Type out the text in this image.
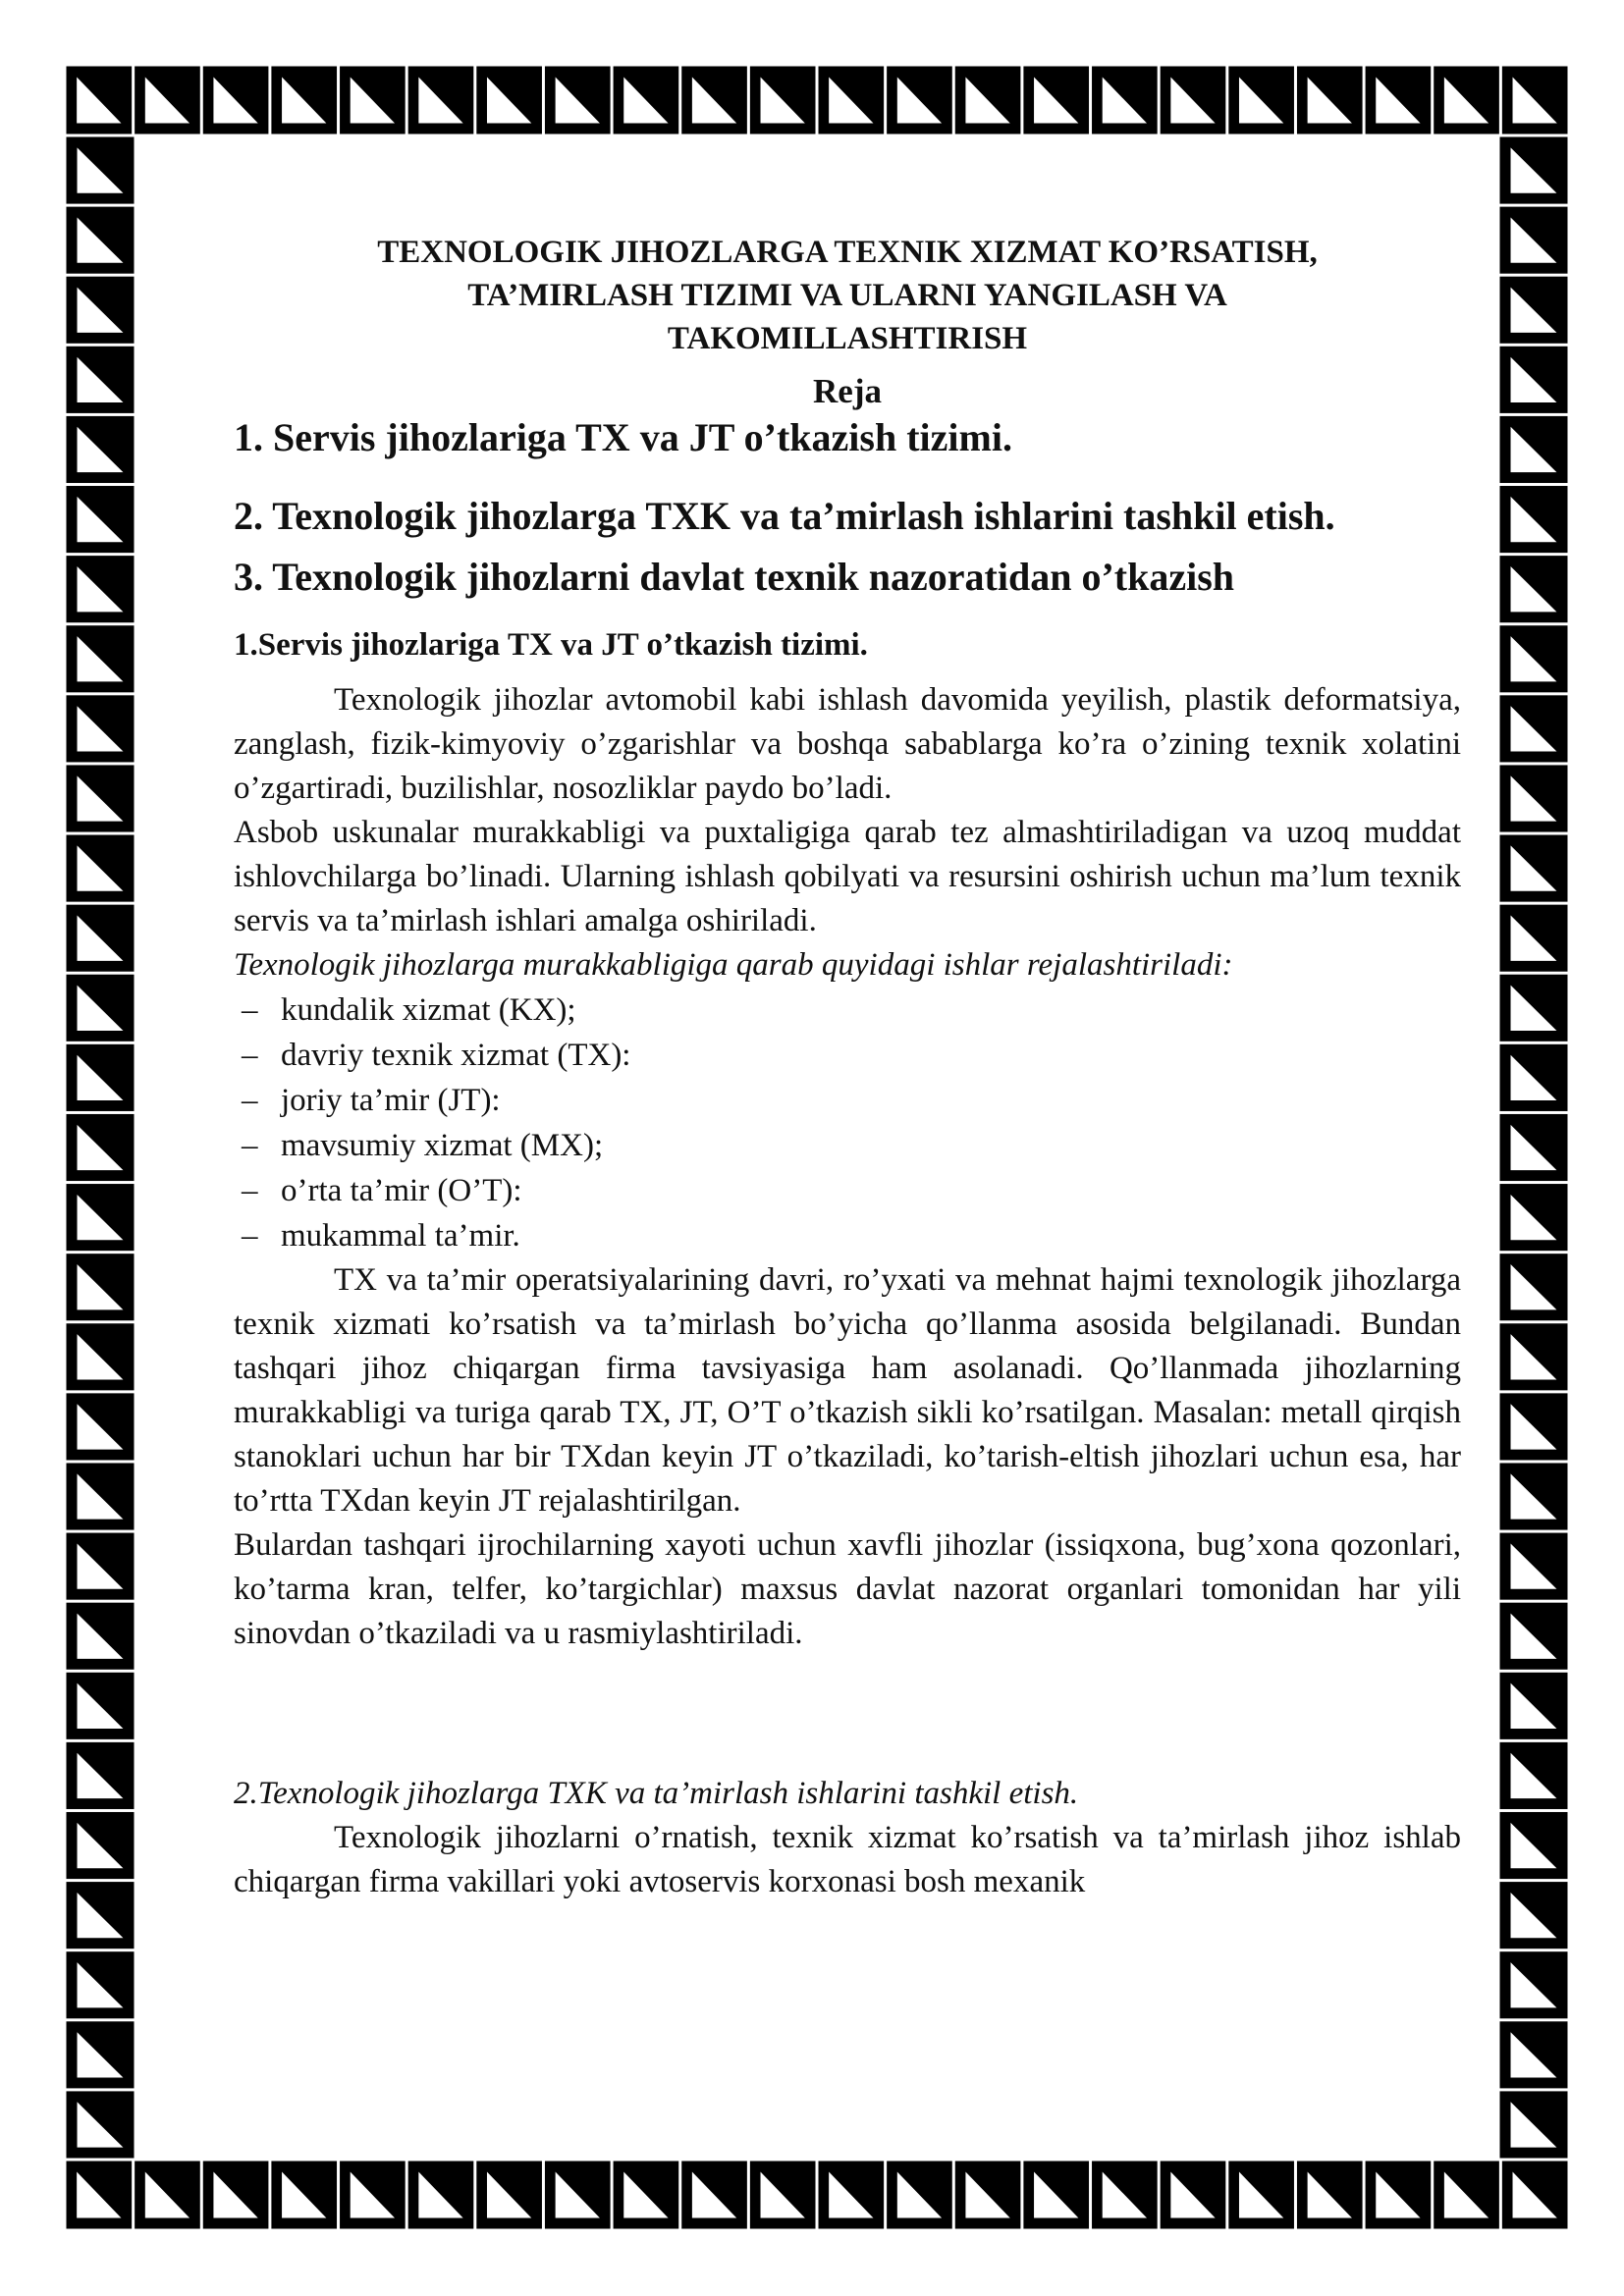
TEXNOLOGIK JIHOZLARGA TEXNIK XIZMAT KO’RSATISH,

TA’MIRLASH TIZIMI VA ULARNI YANGILASH VA

TAKOMILLASHTIRISH

Reja

1. Servis jihozlariga TX va JT o’tkazish tizimi.

2. Texnologik jihozlarga TXK va ta’mirlash ishlarini tashkil etish.

3. Texnologik jihozlarni davlat texnik nazoratidan o’tkazish

1.Servis jihozlariga TX va JT o’tkazish tizimi.

Texnologik jihozlar avtomobil kabi ishlash davomida yeyilish, plastik deformatsiya, zanglash, fizik-kimyoviy o’zgarishlar va boshqa sabablarga ko’ra o’zining texnik xolatini o’zgartiradi, buzilishlar, nosozliklar paydo bo’ladi.

Asbob uskunalar murakkabligi va puxtaligiga qarab tez almashtiriladigan va uzoq muddat ishlovchilarga bo’linadi. Ularning ishlash qobilyati va resursini oshirish uchun ma’lum texnik servis va ta’mirlash ishlari amalga oshiriladi.

Texnologik jihozlarga murakkabligiga qarab quyidagi ishlar rejalashtiriladi:

– kundalik xizmat (KX);
– davriy texnik xizmat (TX):
– joriy ta’mir (JT):
– mavsumiy xizmat (MX);
– o’rta ta’mir (O’T):
– mukammal ta’mir.

TX va ta’mir operatsiyalarining davri, ro’yxati va mehnat hajmi texnologik jihozlarga texnik xizmati ko’rsatish va ta’mirlash bo’yicha qo’llanma asosida belgilanadi. Bundan tashqari jihoz chiqargan firma tavsiyasiga ham asolanadi. Qo’llanmada jihozlarning murakkabligi va turiga qarab TX, JT, O’T o’tkazish sikli ko’rsatilgan. Masalan: metall qirqish stanoklari uchun har bir TXdan keyin JT o’tkaziladi, ko’tarish-eltish jihozlari uchun esa, har to’rtta TXdan keyin JT rejalashtirilgan.

Bulardan tashqari ijrochilarning xayoti uchun xavfli jihozlar (issiqxona, bug’xona qozonlari, ko’tarma kran, telfer, ko’targichlar) maxsus davlat nazorat organlari tomonidan har yili sinovdan o’tkaziladi va u rasmiylashtiriladi.

2.Texnologik jihozlarga TXK va ta’mirlash ishlarini tashkil etish.

Texnologik jihozlarni o’rnatish, texnik xizmat ko’rsatish va ta’mirlash jihoz ishlab chiqargan firma vakillari yoki avtoservis korxonasi bosh mexanik
